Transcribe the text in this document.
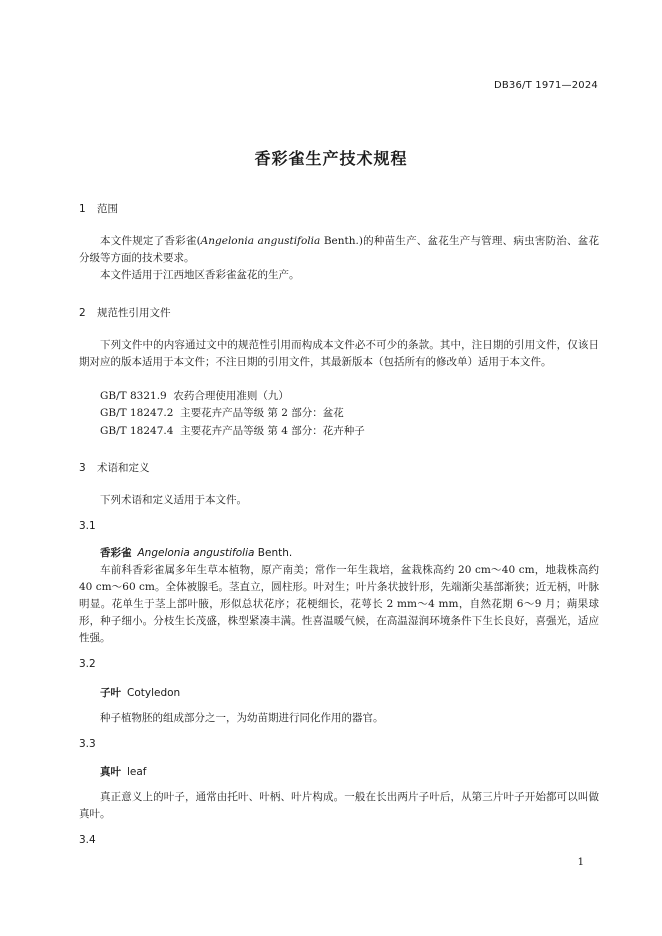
DB36/T 1971—2024
香彩雀生产技术规程
1 范围
本文件规定了香彩雀(Angelonia angustifolia Benth.)的种苗生产、盆花生产与管理、病虫害防治、盆花分级等方面的技术要求。
本文件适用于江西地区香彩雀盆花的生产。
2 规范性引用文件
下列文件中的内容通过文中的规范性引用而构成本文件必不可少的条款。其中，注日期的引用文件，仅该日期对应的版本适用于本文件；不注日期的引用文件，其最新版本（包括所有的修改单）适用于本文件。
GB/T 8321.9  农药合理使用准则（九）
GB/T 18247.2  主要花卉产品等级 第 2 部分：盆花
GB/T 18247.4  主要花卉产品等级 第 4 部分：花卉种子
3 术语和定义
下列术语和定义适用于本文件。
3.1
香彩雀 Angelonia angustifolia Benth.
车前科香彩雀属多年生草本植物，原产南美；常作一年生栽培，盆栽株高约 20 cm～40 cm，地栽株高约 40 cm～60 cm。全体被腺毛。茎直立，圆柱形。叶对生；叶片条状披针形，先端渐尖基部渐狭；近无柄，叶脉明显。花单生于茎上部叶腋，形似总状花序；花梗细长，花萼长 2 mm～4 mm，自然花期 6～9 月；蒴果球形，种子细小。分枝生长茂盛，株型紧凑丰满。性喜温暖气候，在高温湿润环境条件下生长良好，喜强光，适应性强。
3.2
子叶 Cotyledon
种子植物胚的组成部分之一，为幼苗期进行同化作用的器官。
3.3
真叶 leaf
真正意义上的叶子，通常由托叶、叶柄、叶片构成。一般在长出两片子叶后，从第三片叶子开始都可以叫做真叶。
3.4
1
